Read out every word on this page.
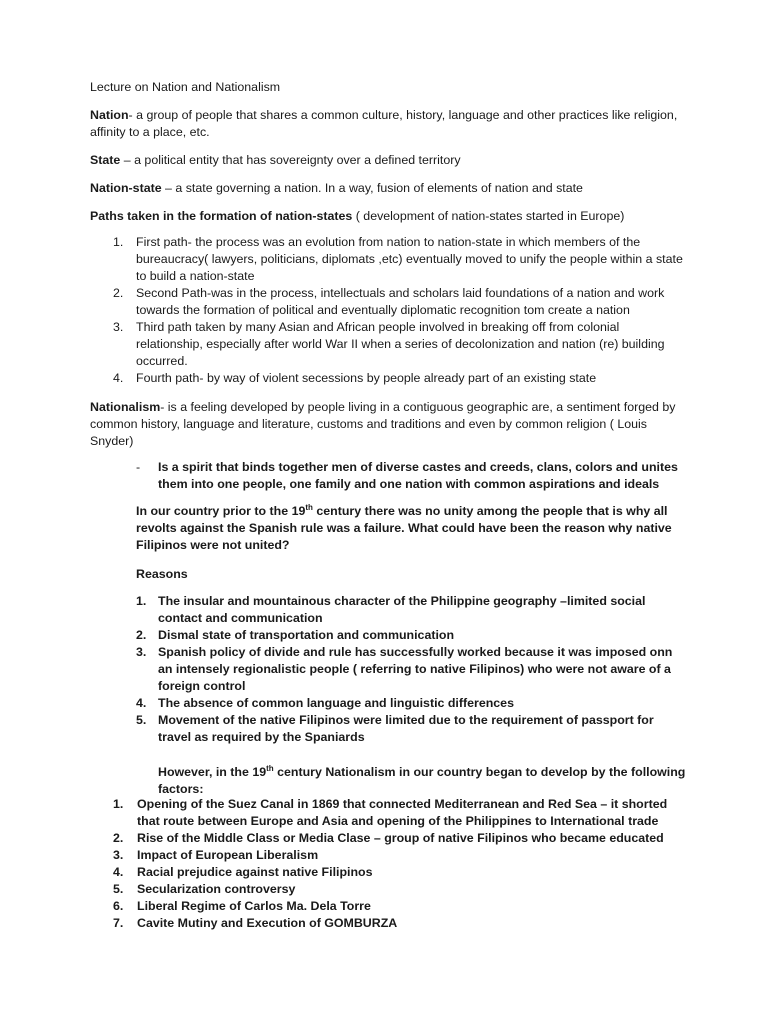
Lecture on Nation and Nationalism

Nation- a group of people that shares a common culture, history, language and other practices like religion, affinity to a place, etc.

State – a political entity that has sovereignty over a defined territory

Nation-state – a state governing a nation. In a way, fusion of elements of nation and state

Paths taken in the formation of nation-states ( development of nation-states started in Europe)

1.	First path- the process was an evolution from nation to nation-state in which members of the bureaucracy( lawyers, politicians, diplomats ,etc) eventually moved to unify the people within a state to build a nation-state
2.	Second Path-was in the process, intellectuals and scholars laid foundations of a nation and work towards the formation of political and eventually diplomatic recognition tom create a nation
3.	Third path taken by many Asian and African people involved in breaking off from colonial relationship, especially after world War II when a series of decolonization and nation (re) building occurred.
4.	Fourth path- by way of violent secessions by people already part of an existing state

Nationalism- is a feeling developed by people living in a contiguous geographic are, a sentiment forged by common history, language and literature, customs and traditions and even by common religion ( Louis Snyder)

-	Is a spirit that binds together men of diverse castes and creeds, clans, colors and unites them into one people, one family and one nation with common aspirations and ideals

In our country prior to the 19th century there was no unity among the people that is why all revolts against the Spanish rule was a failure. What could have been the reason why native Filipinos were not united?

Reasons

1. The insular and mountainous character of the Philippine geography –limited social contact and communication
2. Dismal state of transportation and communication
3. Spanish policy of divide and rule has successfully worked because it was imposed onn an intensely regionalistic people ( referring to native Filipinos) who were not aware of a foreign control
4. The absence of common language and linguistic differences
5. Movement of the native Filipinos were limited due to the requirement of passport for travel as required by the Spaniards

However, in the 19th century Nationalism in our country began to develop by the following factors:

1.	Opening of the Suez Canal in 1869 that connected Mediterranean and Red Sea – it shorted that route between Europe and Asia and opening of the Philippines to International trade
2.	Rise of the Middle Class or Media Clase – group of native Filipinos who became educated
3.	Impact of European Liberalism
4.	Racial prejudice against native Filipinos
5.	Secularization controversy
6.	Liberal Regime of Carlos Ma. Dela Torre
7.	Cavite Mutiny and Execution of GOMBURZA
